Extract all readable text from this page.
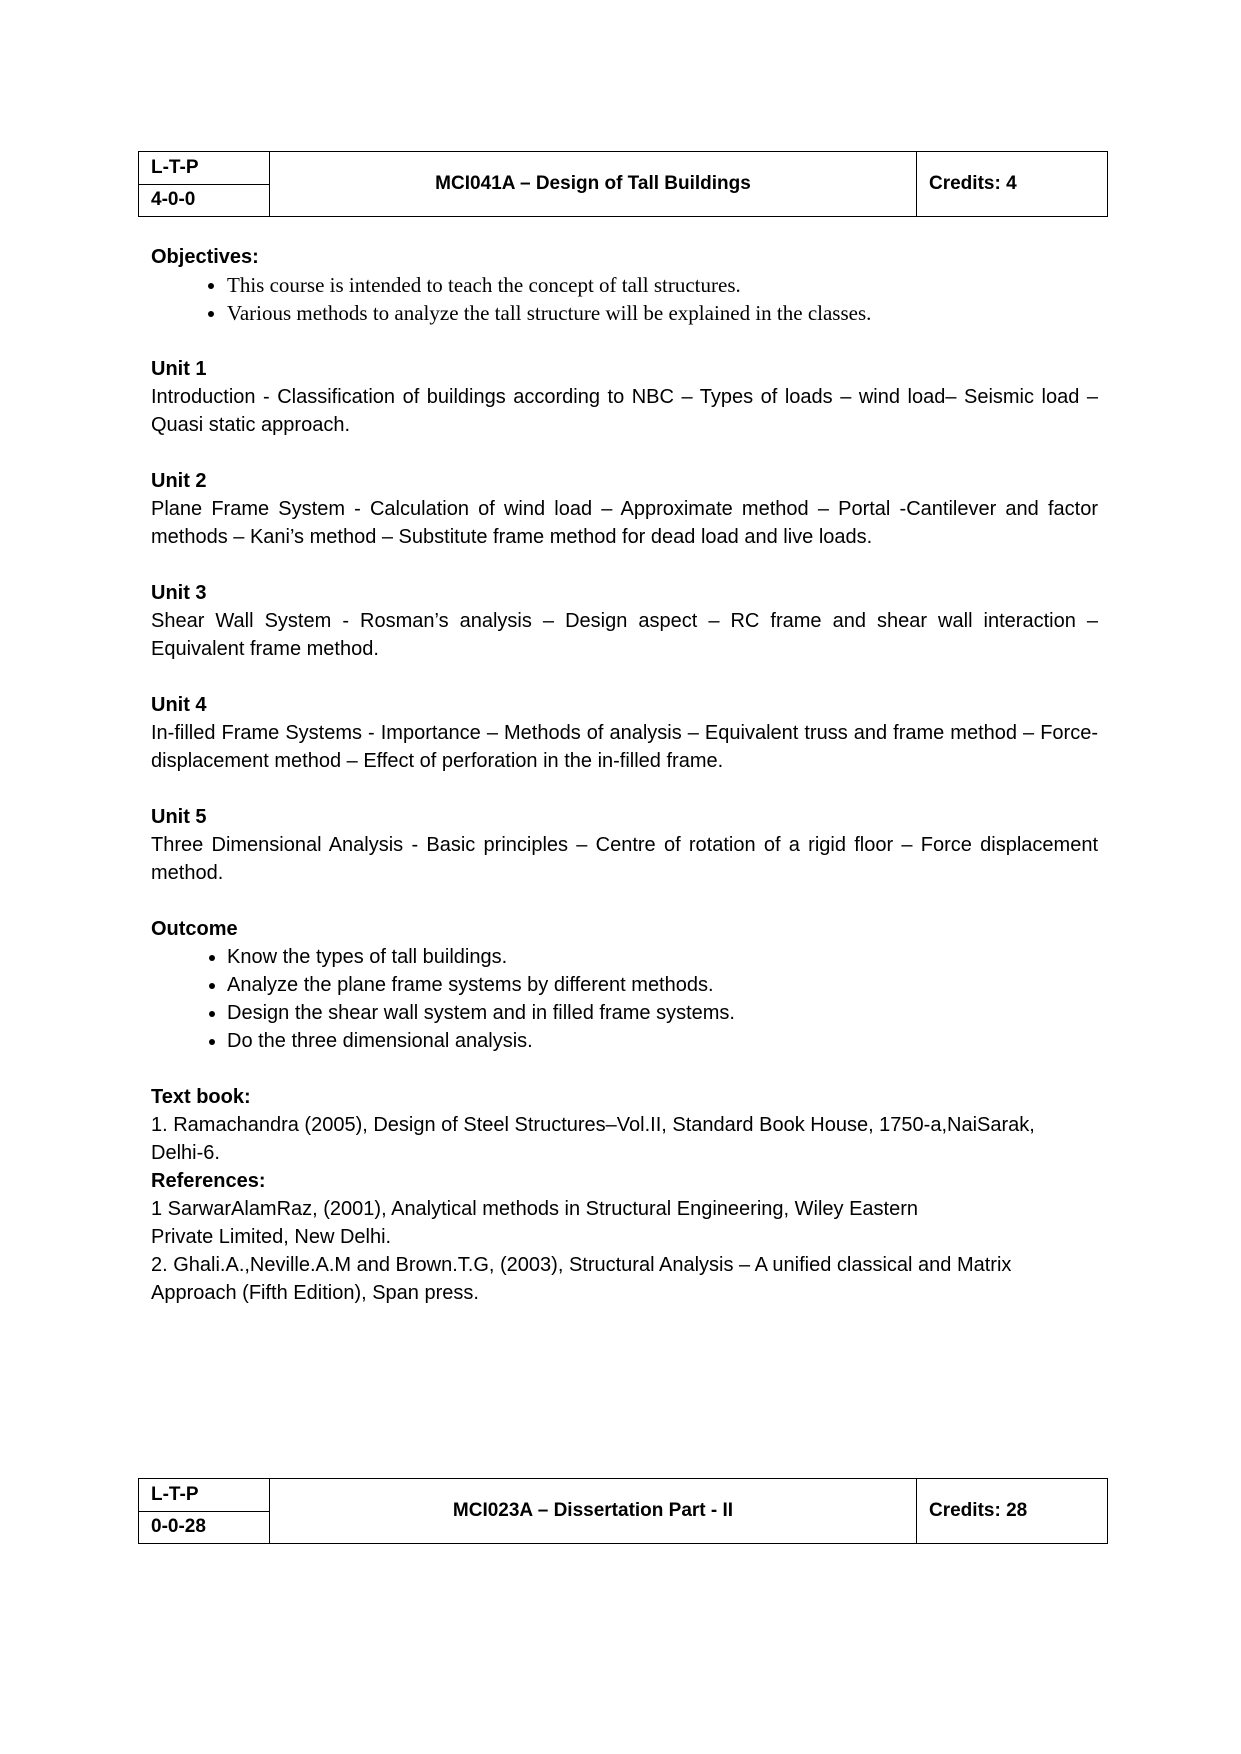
L-T-P
4-0-0
MCI041A – Design of Tall Buildings	Credits: 4
Objectives:
• This course is intended to teach the concept of tall structures.
• Various methods to analyze the tall structure will be explained in the classes.
Unit 1
Introduction - Classification of buildings according to NBC – Types of loads – wind load– Seismic load – Quasi static approach.
Unit 2
Plane Frame System - Calculation of wind load – Approximate method – Portal -Cantilever and factor methods – Kani’s method – Substitute frame method for dead load and live loads.
Unit 3
Shear Wall System - Rosman’s analysis – Design aspect – RC frame and shear wall interaction – Equivalent frame method.
Unit 4
In-filled Frame Systems - Importance – Methods of analysis – Equivalent truss and frame method – Force-displacement method – Effect of perforation in the in-filled frame.
Unit 5
Three Dimensional Analysis - Basic principles – Centre of rotation of a rigid floor – Force displacement method.
Outcome
• Know the types of tall buildings.
• Analyze the plane frame systems by different methods.
• Design the shear wall system and in filled frame systems.
• Do the three dimensional analysis.
Text book:
1. Ramachandra (2005), Design of Steel Structures–Vol.II, Standard Book House, 1750-a,NaiSarak,
Delhi-6.
References:
1 SarwarAlamRaz, (2001), Analytical methods in Structural Engineering, Wiley Eastern
Private Limited, New Delhi.
2. Ghali.A.,Neville.A.M and Brown.T.G, (2003), Structural Analysis – A unified classical and Matrix
Approach (Fifth Edition), Span press.
L-T-P
0-0-28
MCI023A – Dissertation Part - II	Credits: 28
